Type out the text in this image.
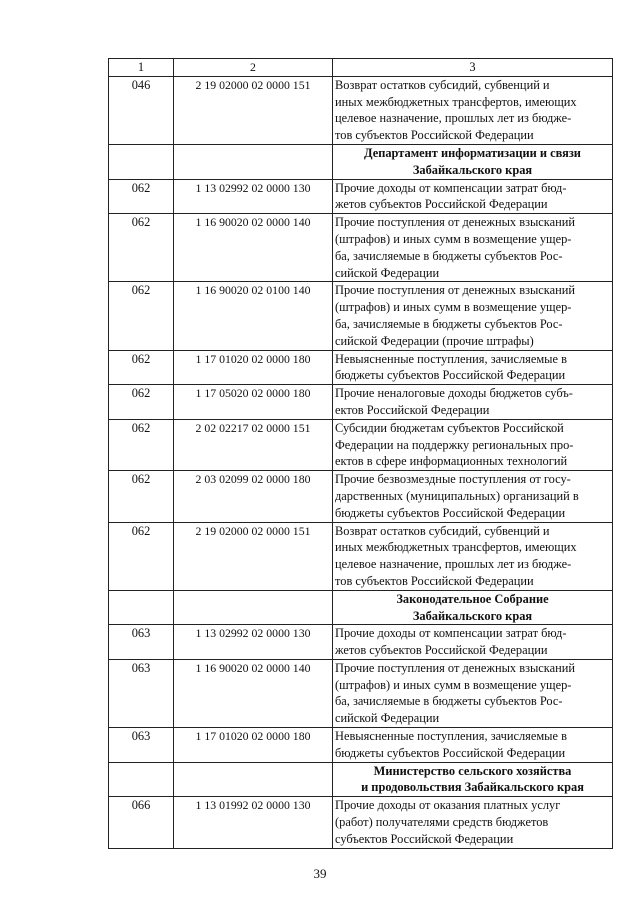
1	2	3
046	2 19 02000 02 0000 151	Возврат остатков субсидий, субвенций и
иных межбюджетных трансфертов, имеющих
целевое назначение, прошлых лет из бюдже-
тов субъектов Российской Федерации

		Департамент информатизации и связи
Забайкальского края

062	1 13 02992 02 0000 130	Прочие доходы от компенсации затрат бюд-
жетов субъектов Российской Федерации

062	1 16 90020 02 0000 140	Прочие поступления от денежных взысканий
(штрафов) и иных сумм в возмещение ущер-
ба, зачисляемые в бюджеты субъектов Рос-
сийской Федерации

062	1 16 90020 02 0100 140	Прочие поступления от денежных взысканий
(штрафов) и иных сумм в возмещение ущер-
ба, зачисляемые в бюджеты субъектов Рос-
сийской Федерации (прочие штрафы)

062	1 17 01020 02 0000 180	Невыясненные поступления, зачисляемые в
бюджеты субъектов Российской Федерации

062	1 17 05020 02 0000 180	Прочие неналоговые доходы бюджетов субъ-
ектов Российской Федерации

062	2 02 02217 02 0000 151	Субсидии бюджетам субъектов Российской
Федерации на поддержку региональных про-
ектов в сфере информационных технологий

062	2 03 02099 02 0000 180	Прочие безвозмездные поступления от госу-
дарственных (муниципальных) организаций в
бюджеты субъектов Российской Федерации

062	2 19 02000 02 0000 151	Возврат остатков субсидий, субвенций и
иных межбюджетных трансфертов, имеющих
целевое назначение, прошлых лет из бюдже-
тов субъектов Российской Федерации

		Законодательное Собрание
Забайкальского края

063	1 13 02992 02 0000 130	Прочие доходы от компенсации затрат бюд-
жетов субъектов Российской Федерации

063	1 16 90020 02 0000 140	Прочие поступления от денежных взысканий
(штрафов) и иных сумм в возмещение ущер-
ба, зачисляемые в бюджеты субъектов Рос-
сийской Федерации

063	1 17 01020 02 0000 180	Невыясненные поступления, зачисляемые в
бюджеты субъектов Российской Федерации

		Министерство сельского хозяйства
и продовольствия Забайкальского края

066	1 13 01992 02 0000 130	Прочие доходы от оказания платных услуг
(работ) получателями средств бюджетов
субъектов Российской Федерации
39
